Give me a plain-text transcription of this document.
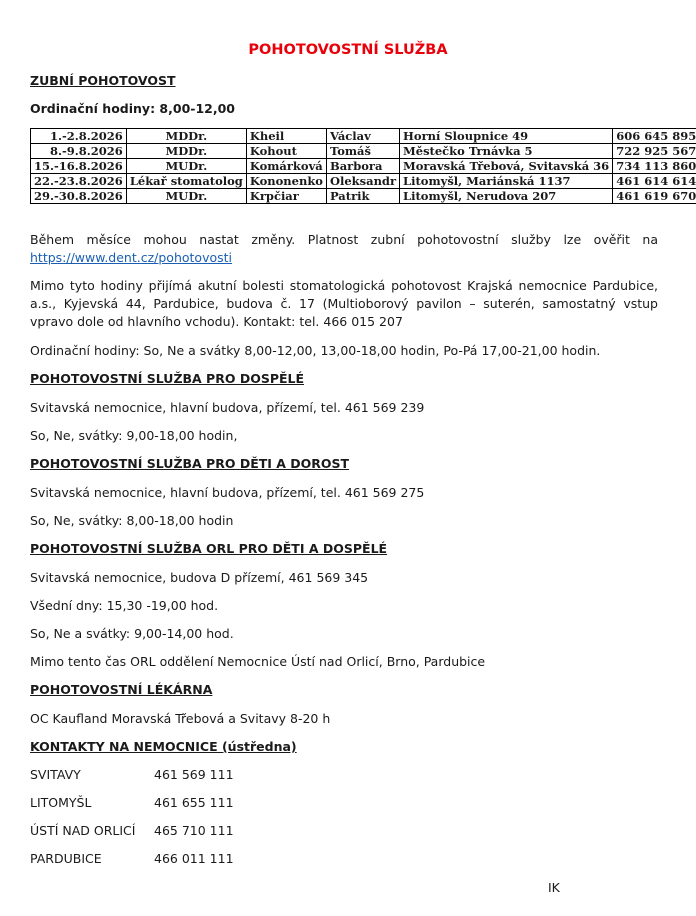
POHOTOVOSTNÍ SLUŽBA
ZUBNÍ POHOTOVOST
Ordinační hodiny: 8,00-12,00
1.-2.8.2026	MDDr.	Kheil	Václav	Horní Sloupnice 49	606 645 895
8.-9.8.2026	MDDr.	Kohout	Tomáš	Městečko Trnávka 5	722 925 567
15.-16.8.2026	MUDr.	Komárková	Barbora	Moravská Třebová, Svitavská 36	734 113 860
22.-23.8.2026	Lékař stomatolog	Kononenko	Oleksandr	Litomyšl, Mariánská 1137	461 614 614
29.-30.8.2026	MUDr.	Krpčiar	Patrik	Litomyšl, Nerudova 207	461 619 670
Během měsíce mohou nastat změny. Platnost zubní pohotovostní služby lze ověřit na
https://www.dent.cz/pohotovosti
Mimo tyto hodiny přijímá akutní bolesti stomatologická pohotovost Krajská nemocnice Pardubice, a.s., Kyjevská 44, Pardubice, budova č. 17 (Multioborový pavilon – suterén, samostatný vstup vpravo dole od hlavního vchodu). Kontakt: tel. 466 015 207
Ordinační hodiny: So, Ne a svátky 8,00-12,00, 13,00-18,00 hodin, Po-Pá 17,00-21,00 hodin.
POHOTOVOSTNÍ SLUŽBA PRO DOSPĚLÉ
Svitavská nemocnice, hlavní budova, přízemí, tel. 461 569 239
So, Ne, svátky: 9,00-18,00 hodin,
POHOTOVOSTNÍ SLUŽBA PRO DĚTI A DOROST
Svitavská nemocnice, hlavní budova, přízemí, tel. 461 569 275
So, Ne, svátky: 8,00-18,00 hodin
POHOTOVOSTNÍ SLUŽBA ORL PRO DĚTI A DOSPĚLÉ
Svitavská nemocnice, budova D přízemí, 461 569 345
Všední dny: 15,30 -19,00 hod.
So, Ne a svátky: 9,00-14,00 hod.
Mimo tento čas ORL oddělení Nemocnice Ústí nad Orlicí, Brno, Pardubice
POHOTOVOSTNÍ LÉKÁRNA
OC Kaufland Moravská Třebová a Svitavy 8-20 h
KONTAKTY NA NEMOCNICE (ústředna)
SVITAVY	461 569 111
LITOMYŠL	461 655 111
ÚSTÍ NAD ORLICÍ 465 710 111
PARDUBICE	466 011 111
IK
